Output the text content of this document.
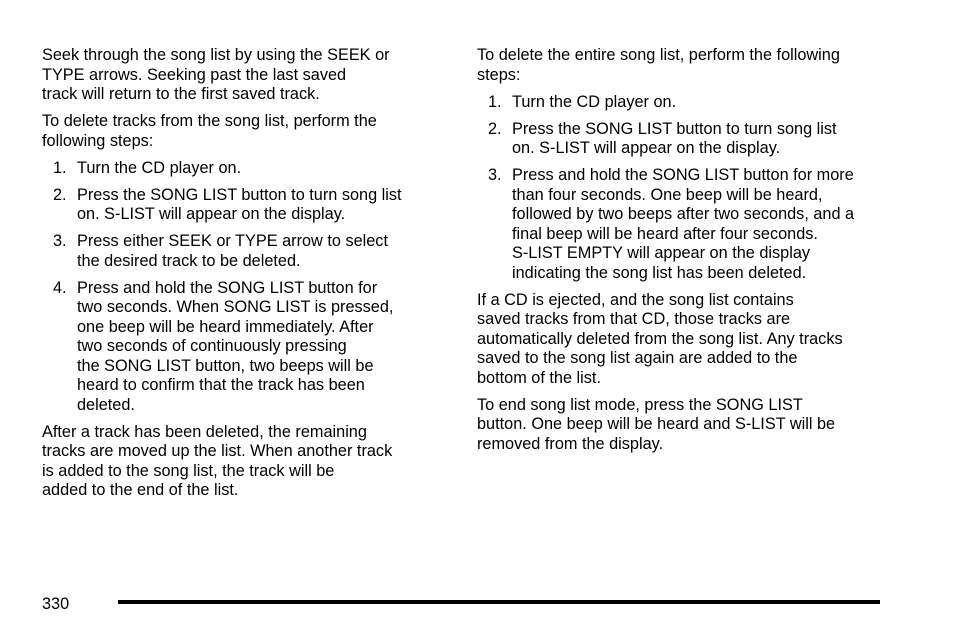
Seek through the song list by using the SEEK or
TYPE arrows. Seeking past the last saved
track will return to the first saved track.

To delete tracks from the song list, perform the
following steps:

1. Turn the CD player on.
2. Press the SONG LIST button to turn song list
on. S-LIST will appear on the display.
3. Press either SEEK or TYPE arrow to select
the desired track to be deleted.
4. Press and hold the SONG LIST button for
two seconds. When SONG LIST is pressed,
one beep will be heard immediately. After
two seconds of continuously pressing
the SONG LIST button, two beeps will be
heard to confirm that the track has been
deleted.

After a track has been deleted, the remaining
tracks are moved up the list. When another track
is added to the song list, the track will be
added to the end of the list.

To delete the entire song list, perform the following
steps:

1. Turn the CD player on.
2. Press the SONG LIST button to turn song list
on. S-LIST will appear on the display.
3. Press and hold the SONG LIST button for more
than four seconds. One beep will be heard,
followed by two beeps after two seconds, and a
final beep will be heard after four seconds.
S-LIST EMPTY will appear on the display
indicating the song list has been deleted.

If a CD is ejected, and the song list contains
saved tracks from that CD, those tracks are
automatically deleted from the song list. Any tracks
saved to the song list again are added to the
bottom of the list.

To end song list mode, press the SONG LIST
button. One beep will be heard and S-LIST will be
removed from the display.

330
